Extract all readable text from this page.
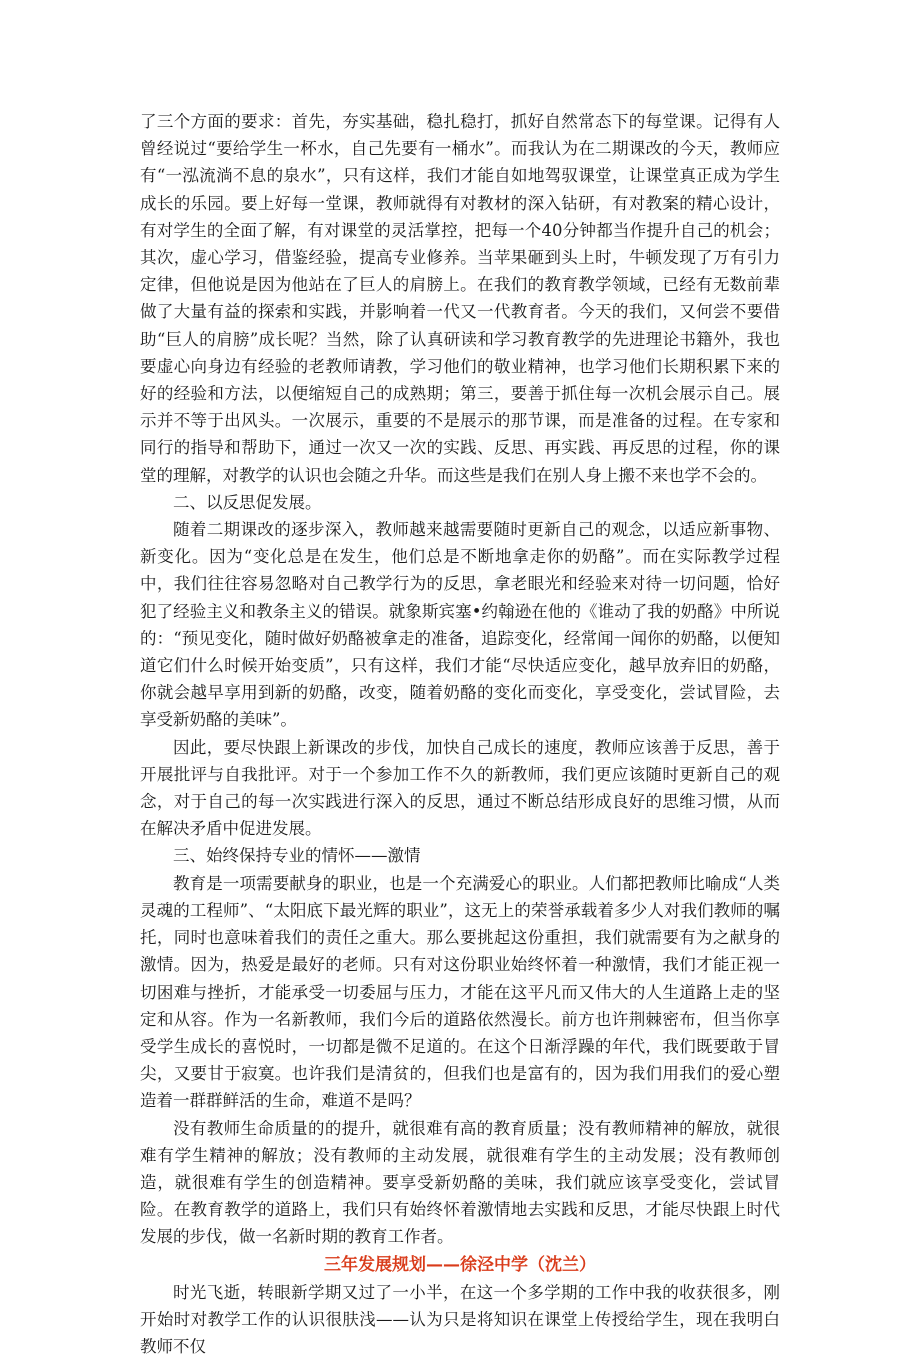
了三个方面的要求：首先，夯实基础，稳扎稳打，抓好自然常态下的每堂课。记得有人曾经说过“要给学生一杯水，自己先要有一桶水”。而我认为在二期课改的今天，教师应有“一泓流淌不息的泉水”，只有这样，我们才能自如地驾驭课堂，让课堂真正成为学生成长的乐园。要上好每一堂课，教师就得有对教材的深入钻研，有对教案的精心设计，有对学生的全面了解，有对课堂的灵活掌控，把每一个40分钟都当作提升自己的机会；其次，虚心学习，借鉴经验，提高专业修养。当苹果砸到头上时，牛顿发现了万有引力定律，但他说是因为他站在了巨人的肩膀上。在我们的教育教学领域，已经有无数前辈做了大量有益的探索和实践，并影响着一代又一代教育者。今天的我们，又何尝不要借助“巨人的肩膀”成长呢？当然，除了认真研读和学习教育教学的先进理论书籍外，我也要虚心向身边有经验的老教师请教，学习他们的敬业精神，也学习他们长期积累下来的好的经验和方法，以便缩短自己的成熟期；第三，要善于抓住每一次机会展示自己。展示并不等于出风头。一次展示，重要的不是展示的那节课，而是准备的过程。在专家和同行的指导和帮助下，通过一次又一次的实践、反思、再实践、再反思的过程，你的课堂的理解，对教学的认识也会随之升华。而这些是我们在别人身上搬不来也学不会的。

二、以反思促发展。

随着二期课改的逐步深入，教师越来越需要随时更新自己的观念，以适应新事物、新变化。因为“变化总是在发生，他们总是不断地拿走你的奶酪”。而在实际教学过程中，我们往往容易忽略对自己教学行为的反思，拿老眼光和经验来对待一切问题，恰好犯了经验主义和教条主义的错误。就象斯宾塞•约翰逊在他的《谁动了我的奶酪》中所说的：“预见变化，随时做好奶酪被拿走的准备，追踪变化，经常闻一闻你的奶酪，以便知道它们什么时候开始变质”，只有这样，我们才能“尽快适应变化，越早放弃旧的奶酪，你就会越早享用到新的奶酪，改变，随着奶酪的变化而变化，享受变化，尝试冒险，去享受新奶酪的美味”。

因此，要尽快跟上新课改的步伐，加快自己成长的速度，教师应该善于反思，善于开展批评与自我批评。对于一个参加工作不久的新教师，我们更应该随时更新自己的观念，对于自己的每一次实践进行深入的反思，通过不断总结形成良好的思维习惯，从而在解决矛盾中促进发展。

三、始终保持专业的情怀——激情

教育是一项需要献身的职业，也是一个充满爱心的职业。人们都把教师比喻成“人类灵魂的工程师”、“太阳底下最光辉的职业”，这无上的荣誉承载着多少人对我们教师的嘱托，同时也意味着我们的责任之重大。那么要挑起这份重担，我们就需要有为之献身的激情。因为，热爱是最好的老师。只有对这份职业始终怀着一种激情，我们才能正视一切困难与挫折，才能承受一切委屈与压力，才能在这平凡而又伟大的人生道路上走的坚定和从容。作为一名新教师，我们今后的道路依然漫长。前方也许荆棘密布，但当你享受学生成长的喜悦时，一切都是微不足道的。在这个日渐浮躁的年代，我们既要敢于冒尖，又要甘于寂寞。也许我们是清贫的，但我们也是富有的，因为我们用我们的爱心塑造着一群群鲜活的生命，难道不是吗？

没有教师生命质量的的提升，就很难有高的教育质量；没有教师精神的解放，就很难有学生精神的解放；没有教师的主动发展，就很难有学生的主动发展；没有教师创造，就很难有学生的创造精神。要享受新奶酪的美味，我们就应该享受变化，尝试冒险。在教育教学的道路上，我们只有始终怀着激情地去实践和反思，才能尽快跟上时代发展的步伐，做一名新时期的教育工作者。

三年发展规划——徐泾中学（沈兰）

时光飞逝，转眼新学期又过了一小半，在这一个多学期的工作中我的收获很多，刚开始时对教学工作的认识很肤浅——认为只是将知识在课堂上传授给学生，现在我明白教师不仅
